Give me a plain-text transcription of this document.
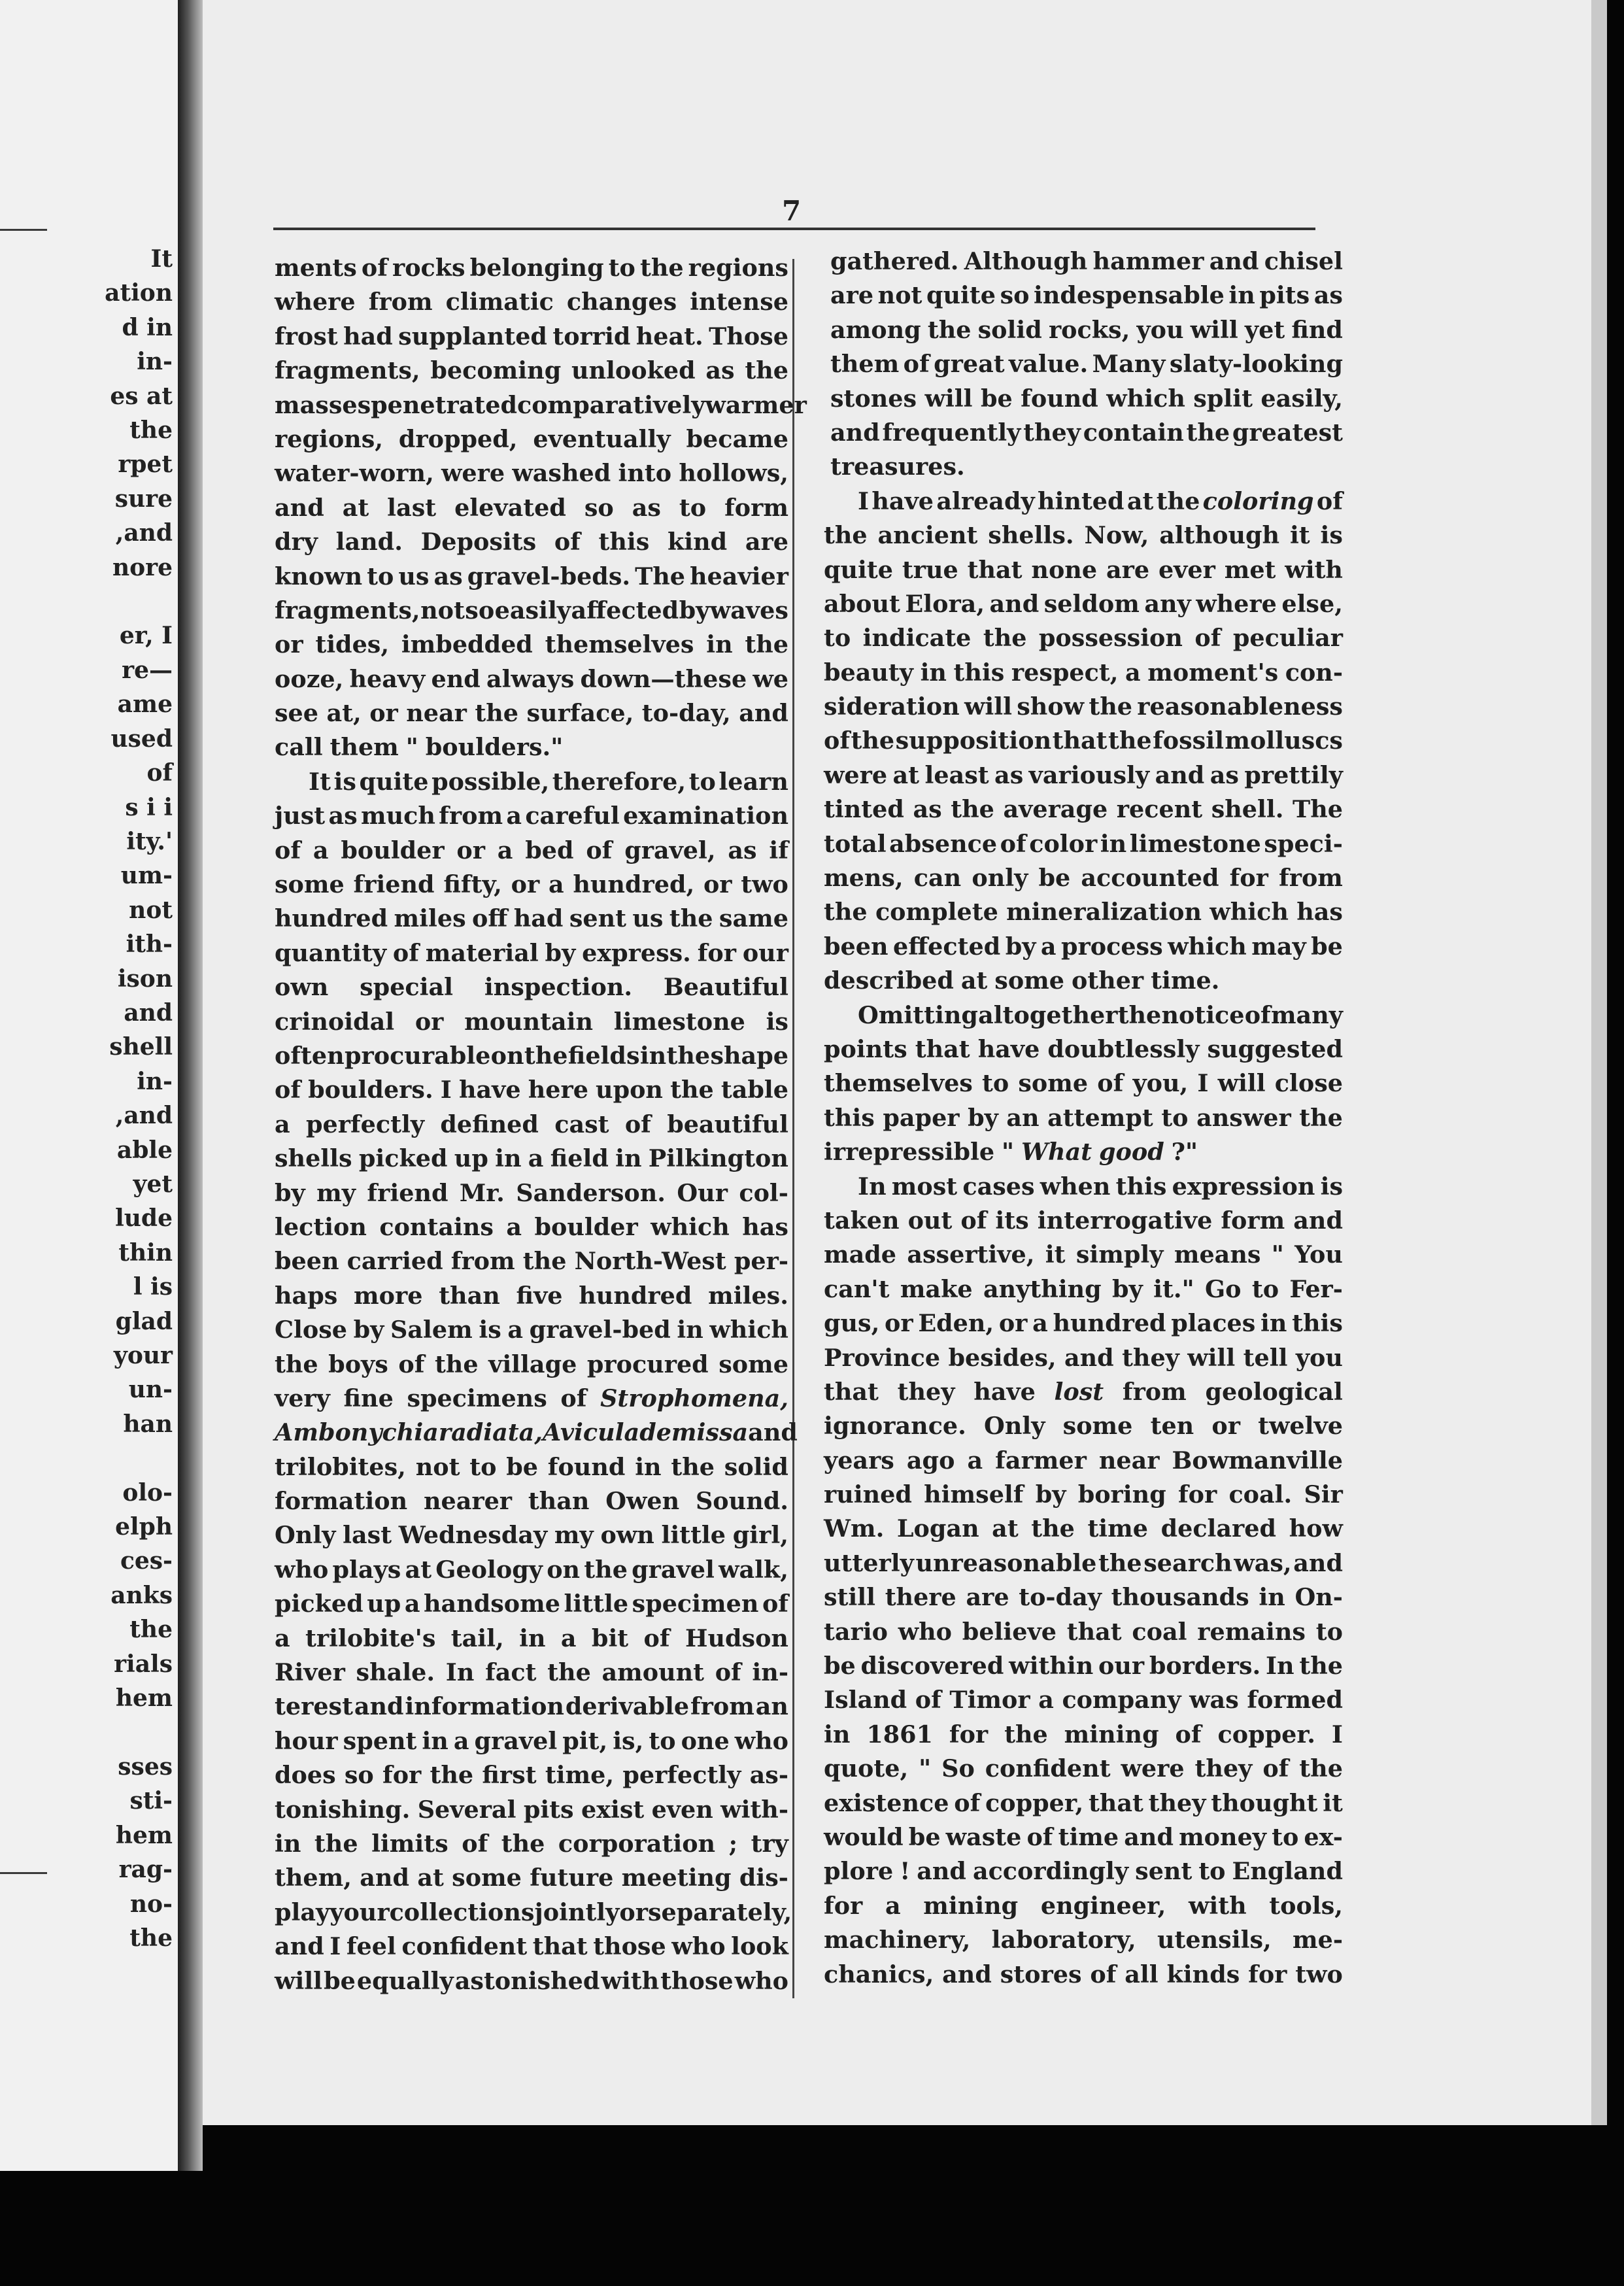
It
ation
d in
in-
es at
the
rpet
sure
,and
nore

er, I
re—
ame
used
of
s i i
ity.'
um-
not
ith-
ison
and
shell
in-
,and
able
yet
lude
thin
l is
glad
your
un-
han

olo-
elph
ces-
anks
the
rials
hem

sses
sti-
hem
rag-
no-
the
7
ments of rocks belonging to the regions
where from climatic changes intense
frost had supplanted torrid heat. Those
fragments, becoming unlooked as the
masses penetrated comparatively warmer
regions, dropped, eventually became
water-worn, were washed into hollows,
and at last elevated so as to form
dry land. Deposits of this kind are
known to us as gravel-beds. The heavier
fragments, not so easily affected by waves
or tides, imbedded themselves in the
ooze, heavy end always down—these we
see at, or near the surface, to-day, and
call them " boulders."
It is quite possible, therefore, to learn
just as much from a careful examination
of a boulder or a bed of gravel, as if
some friend fifty, or a hundred, or two
hundred miles off had sent us the same
quantity of material by express. for our
own special inspection. Beautiful
crinoidal or mountain limestone is
often procurable on the fields in the shape
of boulders. I have here upon the table
a perfectly defined cast of beautiful
shells picked up in a field in Pilkington
by my friend Mr. Sanderson. Our col-
lection contains a boulder which has
been carried from the North-West per-
haps more than five hundred miles.
Close by Salem is a gravel-bed in which
the boys of the village procured some
very fine specimens of Strophomena,
Ambonychia radiata, Avicula demissa and
trilobites, not to be found in the solid
formation nearer than Owen Sound.
Only last Wednesday my own little girl,
who plays at Geology on the gravel walk,
picked up a handsome little specimen of
a trilobite's tail, in a bit of Hudson
River shale. In fact the amount of in-
terest and information derivable from an
hour spent in a gravel pit, is, to one who
does so for the first time, perfectly as-
tonishing. Several pits exist even with-
in the limits of the corporation ; try
them, and at some future meeting dis-
play your collections jointly or separately,
and I feel confident that those who look
will be equally astonished with those who
gathered. Although hammer and chisel
are not quite so indespensable in pits as
among the solid rocks, you will yet find
them of great value. Many slaty-looking
stones will be found which split easily,
and frequently they contain the greatest
treasures.
I have already hinted at the coloring of
the ancient shells. Now, although it is
quite true that none are ever met with
about Elora, and seldom any where else,
to indicate the possession of peculiar
beauty in this respect, a moment's con-
sideration will show the reasonableness
of the supposition that the fossil molluscs
were at least as variously and as prettily
tinted as the average recent shell. The
total absence of color in limestone speci-
mens, can only be accounted for from
the complete mineralization which has
been effected by a process which may be
described at some other time.
Omitting altogether the notice of many
points that have doubtlessly suggested
themselves to some of you, I will close
this paper by an attempt to answer the
irrepressible " What good ?"
In most cases when this expression is
taken out of its interrogative form and
made assertive, it simply means " You
can't make anything by it." Go to Fer-
gus, or Eden, or a hundred places in this
Province besides, and they will tell you
that they have lost from geological
ignorance. Only some ten or twelve
years ago a farmer near Bowmanville
ruined himself by boring for coal. Sir
Wm. Logan at the time declared how
utterly unreasonable the search was, and
still there are to-day thousands in On-
tario who believe that coal remains to
be discovered within our borders. In the
Island of Timor a company was formed
in 1861 for the mining of copper. I
quote, " So confident were they of the
existence of copper, that they thought it
would be waste of time and money to ex-
plore ! and accordingly sent to England
for a mining engineer, with tools,
machinery, laboratory, utensils, me-
chanics, and stores of all kinds for two
